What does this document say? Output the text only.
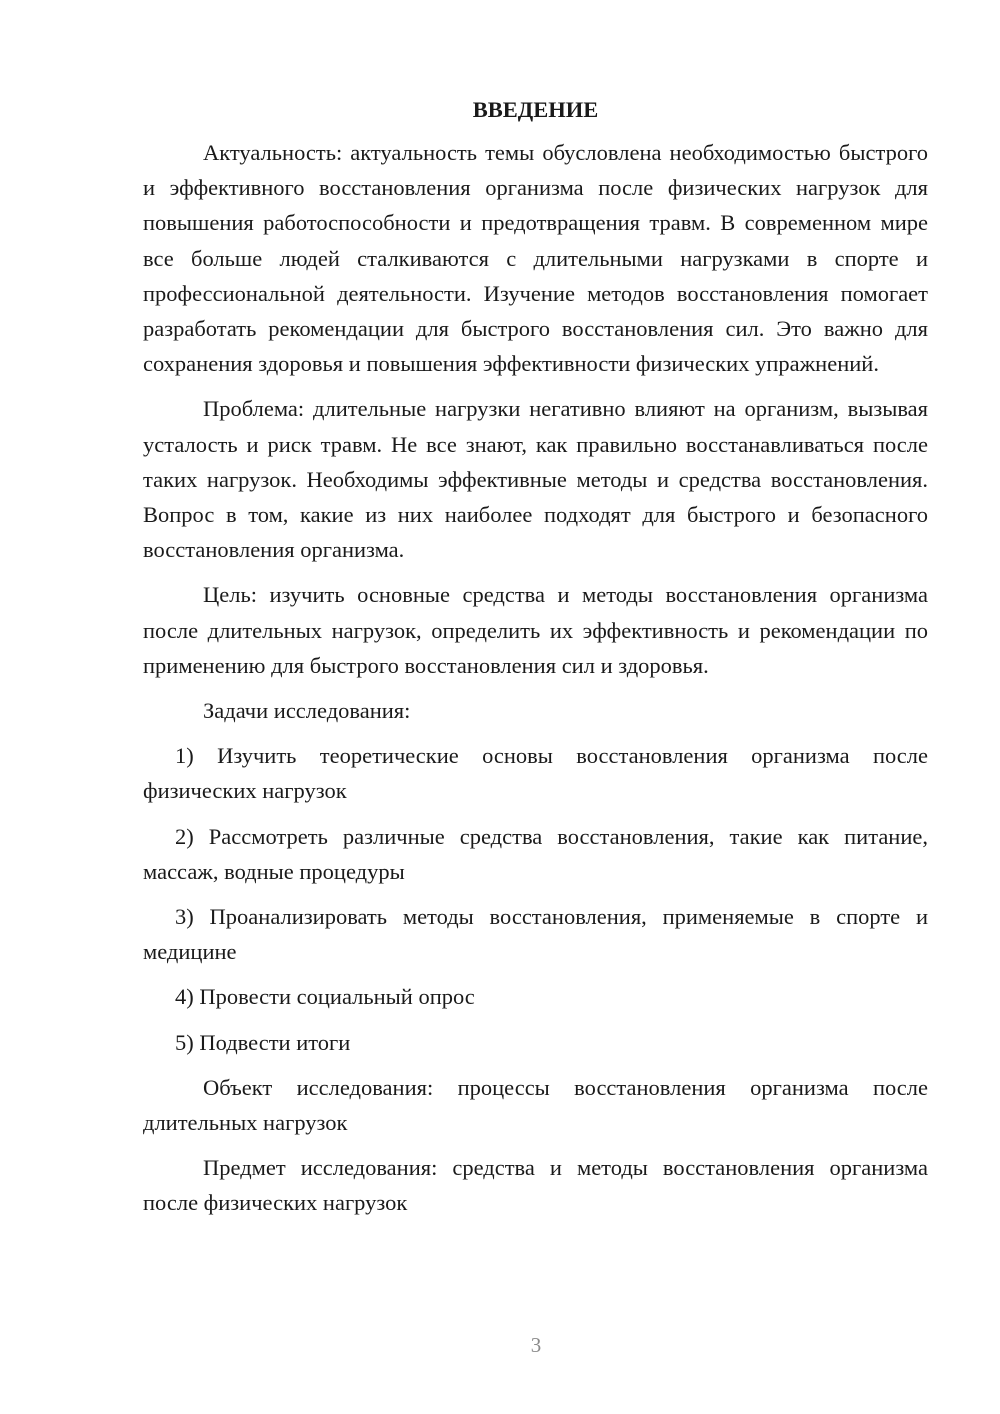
ВВЕДЕНИЕ

Актуальность: актуальность темы обусловлена необходимостью быстрого и эффективного восстановления организма после физических нагрузок для повышения работоспособности и предотвращения травм. В современном мире все больше людей сталкиваются с длительными нагрузками в спорте и профессиональной деятельности. Изучение методов восстановления помогает разработать рекомендации для быстрого восстановления сил. Это важно для сохранения здоровья и повышения эффективности физических упражнений.

Проблема: длительные нагрузки негативно влияют на организм, вызывая усталость и риск травм. Не все знают, как правильно восстанавливаться после таких нагрузок. Необходимы эффективные методы и средства восстановления. Вопрос в том, какие из них наиболее подходят для быстрого и безопасного восстановления организма.

Цель: изучить основные средства и методы восстановления организма после длительных нагрузок, определить их эффективность и рекомендации по применению для быстрого восстановления сил и здоровья.

Задачи исследования:

1) Изучить теоретические основы восстановления организма после физических нагрузок

2) Рассмотреть различные средства восстановления, такие как питание, массаж, водные процедуры

3) Проанализировать методы восстановления, применяемые в спорте и медицине

4) Провести социальный опрос

5) Подвести итоги

Объект исследования: процессы восстановления организма после длительных нагрузок

Предмет исследования: средства и методы восстановления организма после физических нагрузок

3
